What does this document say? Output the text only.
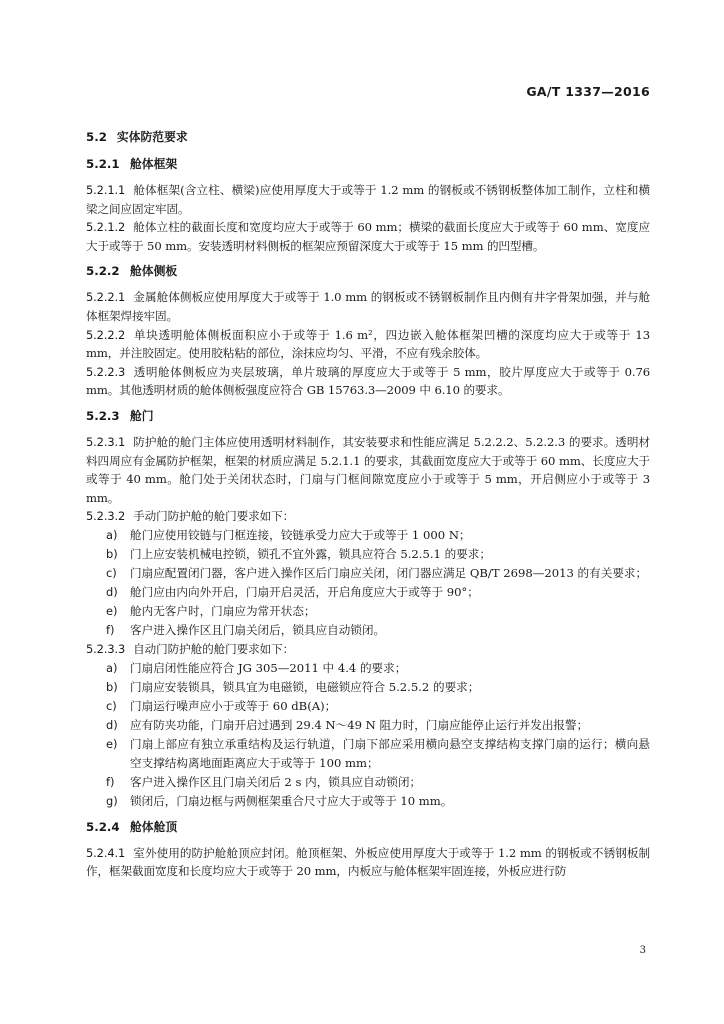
GA/T 1337—2016
5.2 实体防范要求
5.2.1 舱体框架

5.2.1.1 舱体框架(含立柱、横梁)应使用厚度大于或等于 1.2 mm 的钢板或不锈钢板整体加工制作，立柱和横梁之间应固定牢固。

5.2.1.2 舱体立柱的截面长度和宽度均应大于或等于 60 mm；横梁的截面长度应大于或等于 60 mm、宽度应大于或等于 50 mm。安装透明材料侧板的框架应预留深度大于或等于 15 mm 的凹型槽。

5.2.2 舱体侧板

5.2.2.1 金属舱体侧板应使用厚度大于或等于 1.0 mm 的钢板或不锈钢板制作且内侧有井字骨架加强，并与舱体框架焊接牢固。

5.2.2.2 单块透明舱体侧板面积应小于或等于 1.6 m²，四边嵌入舱体框架凹槽的深度均应大于或等于 13 mm，并注胶固定。使用胶粘粘的部位，涂抹应均匀、平滑，不应有残余胶体。

5.2.2.3 透明舱体侧板应为夹层玻璃，单片玻璃的厚度应大于或等于 5 mm，胶片厚度应大于或等于 0.76 mm。其他透明材质的舱体侧板强度应符合 GB 15763.3—2009 中 6.10 的要求。

5.2.3 舱门

5.2.3.1 防护舱的舱门主体应使用透明材料制作，其安装要求和性能应满足 5.2.2.2、5.2.2.3 的要求。透明材料四周应有金属防护框架，框架的材质应满足 5.2.1.1 的要求，其截面宽度应大于或等于 60 mm、长度应大于或等于 40 mm。舱门处于关闭状态时，门扇与门框间隙宽度应小于或等于 5 mm，开启侧应小于或等于 3 mm。

5.2.3.2 手动门防护舱的舱门要求如下：

a) 舱门应使用铰链与门框连接，铰链承受力应大于或等于 1 000 N；
b) 门上应安装机械电控锁，锁孔不宜外露，锁具应符合 5.2.5.1 的要求；
c) 门扇应配置闭门器，客户进入操作区后门扇应关闭，闭门器应满足 QB/T 2698—2013 的有关要求；
d) 舱门应由内向外开启，门扇开启灵活，开启角度应大于或等于 90°；
e) 舱内无客户时，门扇应为常开状态；
f) 客户进入操作区且门扇关闭后，锁具应自动锁闭。

5.2.3.3 自动门防护舱的舱门要求如下：

a) 门扇启闭性能应符合 JG 305—2011 中 4.4 的要求；
b) 门扇应安装锁具，锁具宜为电磁锁，电磁锁应符合 5.2.5.2 的要求；
c) 门扇运行噪声应小于或等于 60 dB(A)；
d) 应有防夹功能，门扇开启过遇到 29.4 N～49 N 阻力时，门扇应能停止运行并发出报警；
e) 门扇上部应有独立承重结构及运行轨道，门扇下部应采用横向悬空支撑结构支撑门扇的运行；横向悬空支撑结构离地面距离应大于或等于 100 mm；
f) 客户进入操作区且门扇关闭后 2 s 内，锁具应自动锁闭；
g) 锁闭后，门扇边框与两侧框架重合尺寸应大于或等于 10 mm。
5.2.4 舱体舱顶

5.2.4.1 室外使用的防护舱舱顶应封闭。舱顶框架、外板应使用厚度大于或等于 1.2 mm 的钢板或不锈钢板制作，框架截面宽度和长度均应大于或等于 20 mm，内板应与舱体框架牢固连接，外板应进行防

3
